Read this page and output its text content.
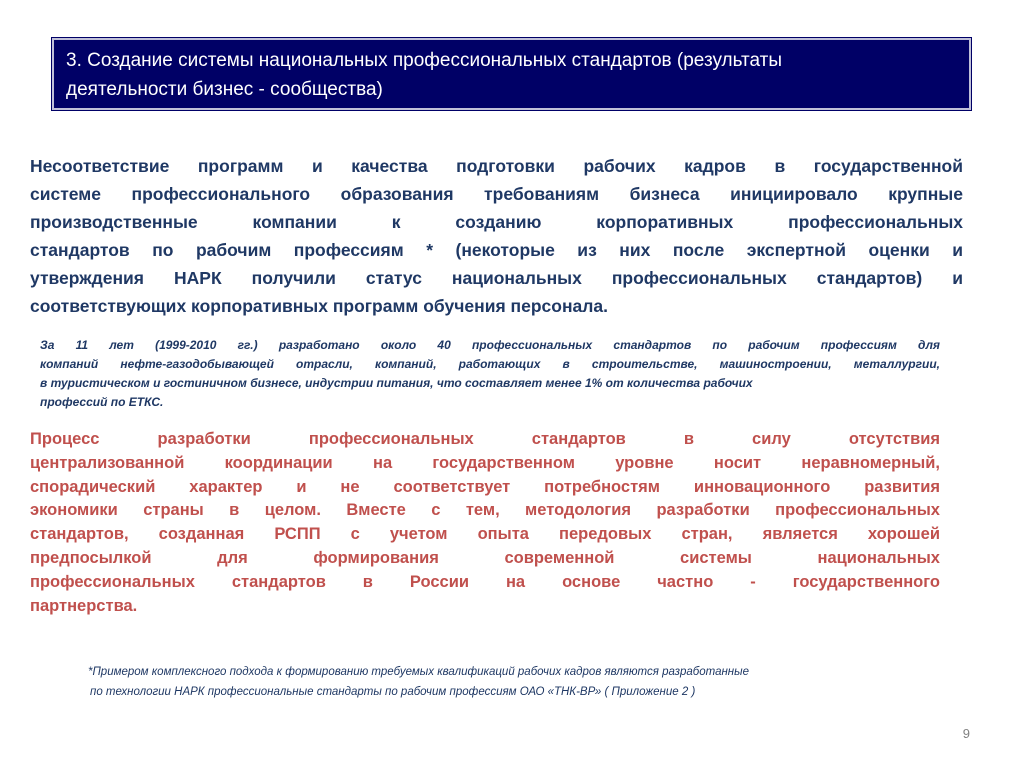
3. Создание системы национальных профессиональных стандартов (результаты
деятельности бизнес - сообщества)
Несоответствие программ и качества подготовки рабочих кадров в государственной
системе профессионального образования требованиям бизнеса инициировало крупные
производственные компании к созданию корпоративных профессиональных
стандартов по рабочим профессиям * (некоторые из них после экспертной оценки и
утверждения НАРК получили статус национальных профессиональных стандартов) и
соответствующих корпоративных программ обучения персонала.
За 11 лет (1999-2010 гг.) разработано около 40 профессиональных стандартов по рабочим профессиям для
компаний нефте-газодобывающей отрасли, компаний, работающих в строительстве, машиностроении, металлургии,
в туристическом и гостиничном бизнесе, индустрии питания, что составляет менее 1% от количества рабочих
профессий по ЕТКС.
Процесс разработки профессиональных стандартов в силу отсутствия
централизованной координации на государственном уровне носит неравномерный,
спорадический характер и не соответствует потребностям инновационного развития
экономики страны в целом. Вместе с тем, методология разработки профессиональных
стандартов, созданная РСПП с учетом опыта передовых стран, является хорошей
предпосылкой для формирования современной системы национальных
профессиональных стандартов в России на основе частно - государственного
партнерства.
*Примером комплексного подхода к формированию требуемых квалификаций рабочих кадров являются разработанные
по технологии НАРК профессиональные стандарты по рабочим профессиям ОАО «ТНК-ВР» ( Приложение 2 )
9
